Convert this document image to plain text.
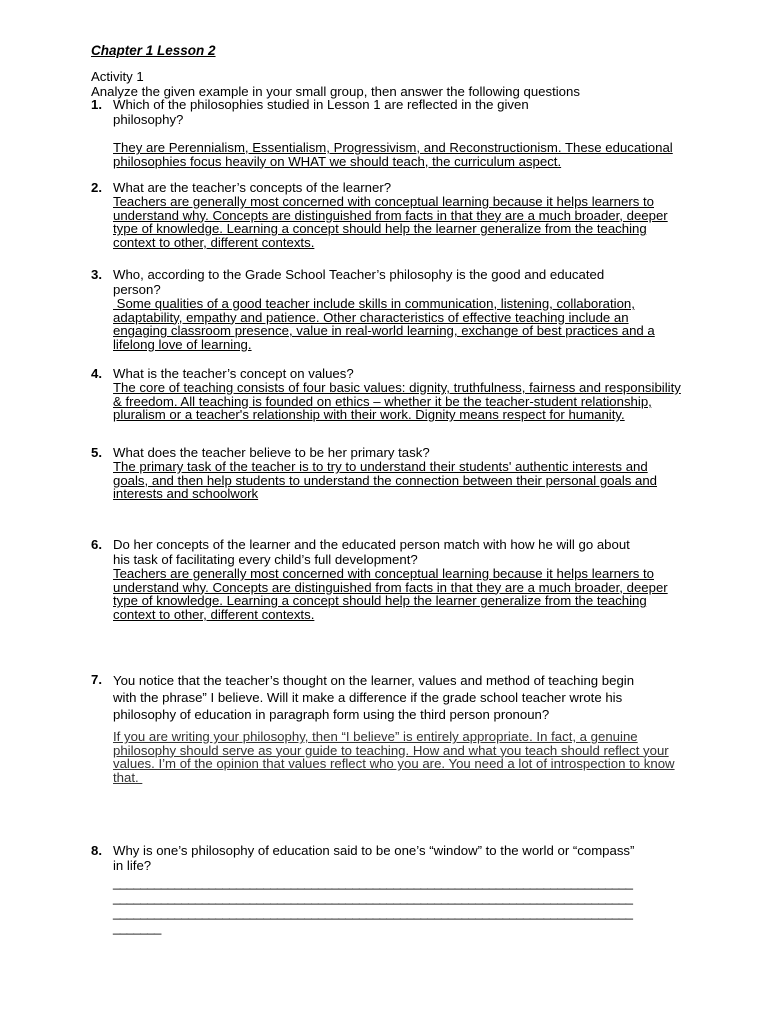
Chapter 1 Lesson 2
Activity 1
Analyze the given example in your small group, then answer the following questions
1. Which of the philosophies studied in Lesson 1 are reflected in the given
philosophy?
They are Perennialism, Essentialism, Progressivism, and Reconstructionism. These educational
philosophies focus heavily on WHAT we should teach, the curriculum aspect.
2. What are the teacher’s concepts of the learner?
Teachers are generally most concerned with conceptual learning because it helps learners to
understand why. Concepts are distinguished from facts in that they are a much broader, deeper
type of knowledge. Learning a concept should help the learner generalize from the teaching
context to other, different contexts.
3. Who, according to the Grade School Teacher’s philosophy is the good and educated
person?
Some qualities of a good teacher include skills in communication, listening, collaboration,
adaptability, empathy and patience. Other characteristics of effective teaching include an
engaging classroom presence, value in real-world learning, exchange of best practices and a
lifelong love of learning.
4. What is the teacher’s concept on values?
The core of teaching consists of four basic values: dignity, truthfulness, fairness and responsibility
& freedom. All teaching is founded on ethics – whether it be the teacher-student relationship,
pluralism or a teacher's relationship with their work. Dignity means respect for humanity.
5. What does the teacher believe to be her primary task?
The primary task of the teacher is to try to understand their students' authentic interests and
goals, and then help students to understand the connection between their personal goals and
interests and schoolwork
6. Do her concepts of the learner and the educated person match with how he will go about
his task of facilitating every child’s full development?
Teachers are generally most concerned with conceptual learning because it helps learners to
understand why. Concepts are distinguished from facts in that they are a much broader, deeper
type of knowledge. Learning a concept should help the learner generalize from the teaching
context to other, different contexts.
7. You notice that the teacher’s thought on the learner, values and method of teaching begin
with the phrase” I believe. Will it make a difference if the grade school teacher wrote his
philosophy of education in paragraph form using the third person pronoun?
If you are writing your philosophy, then “I believe” is entirely appropriate. In fact, a genuine
philosophy should serve as your guide to teaching. How and what you teach should reflect your
values. I’m of the opinion that values reflect who you are. You need a lot of introspection to know
that.
8. Why is one’s philosophy of education said to be one’s “window” to the world or “compass”
in life?
____________________________________________________________________________
____________________________________________________________________________
____________________________________________________________________________
_______
